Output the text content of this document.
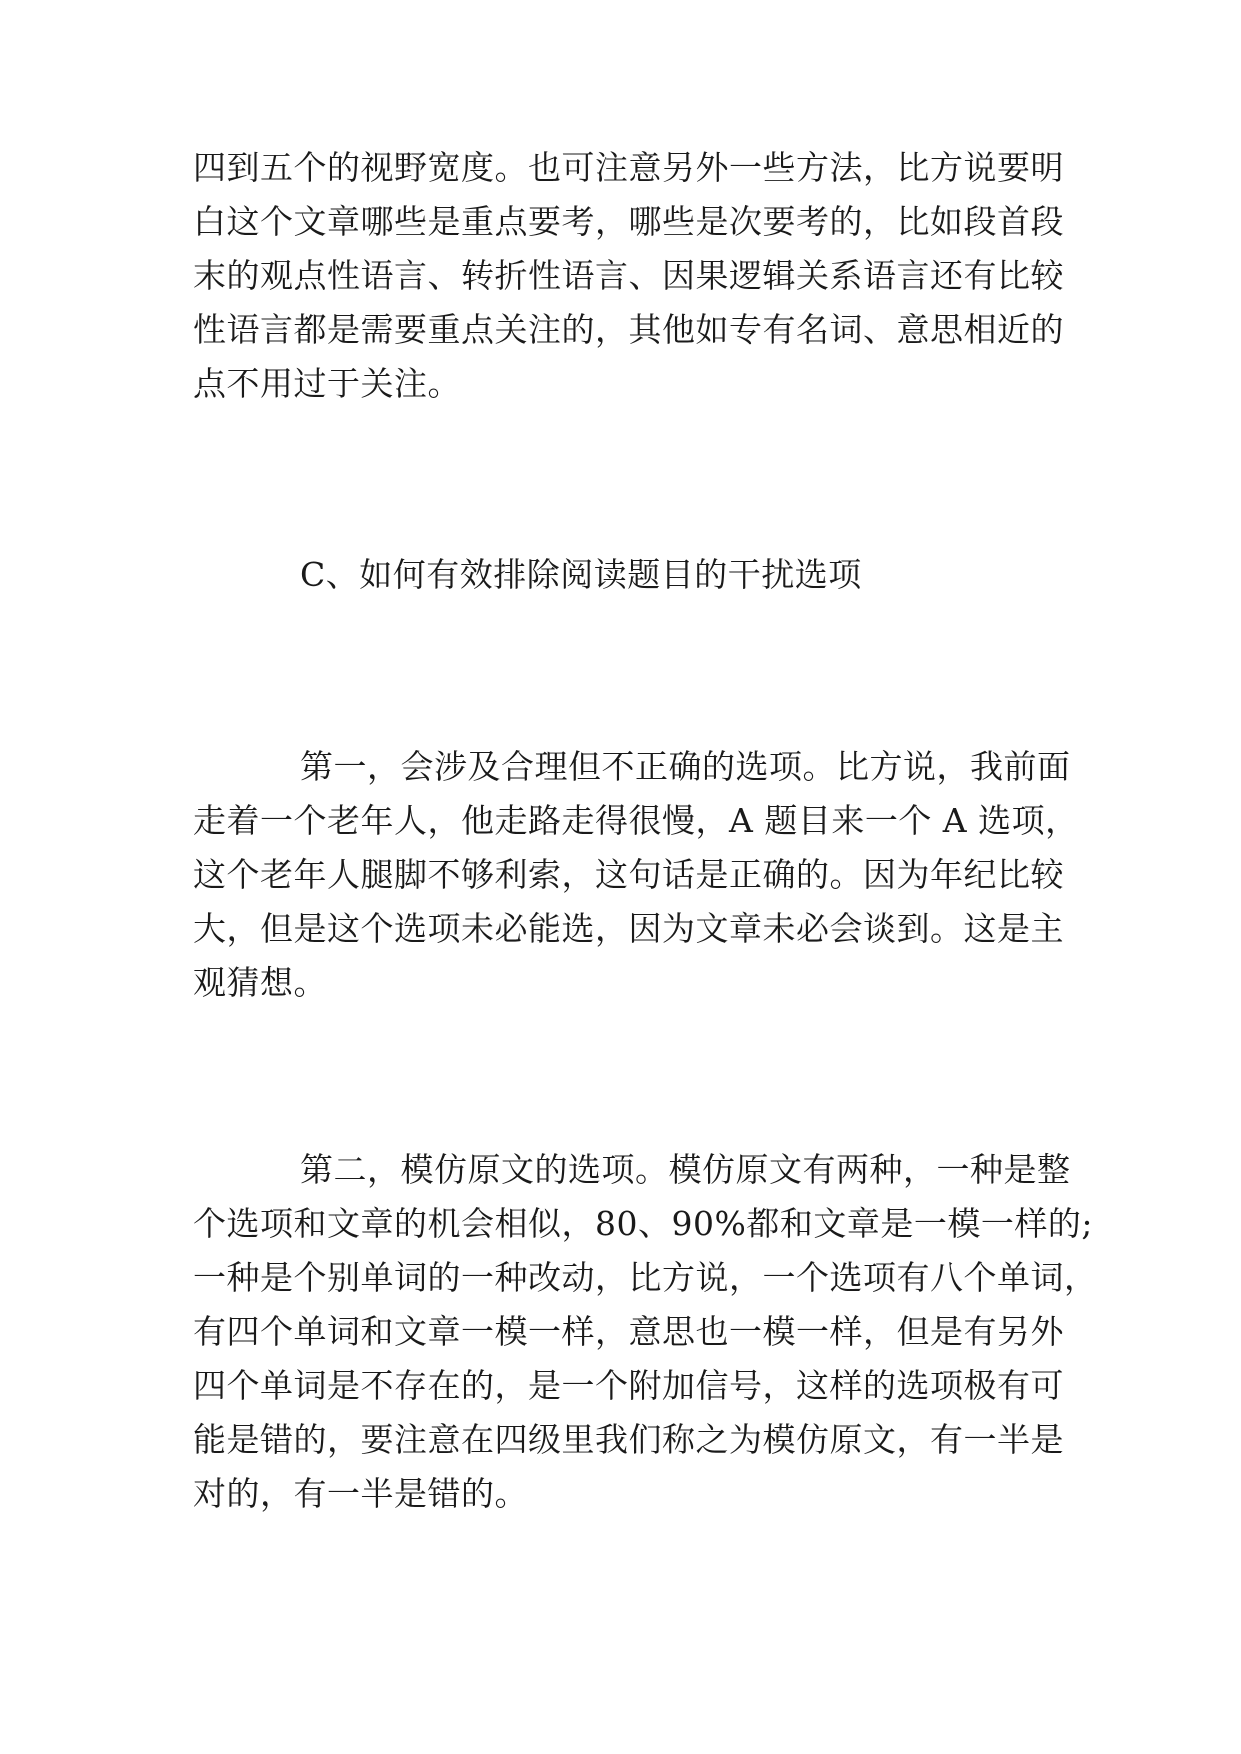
四到五个的视野宽度。也可注意另外一些方法，比方说要明
白这个文章哪些是重点要考，哪些是次要考的，比如段首段
末的观点性语言、转折性语言、因果逻辑关系语言还有比较
性语言都是需要重点关注的，其他如专有名词、意思相近的
点不用过于关注。
C、如何有效排除阅读题目的干扰选项
第一，会涉及合理但不正确的选项。比方说，我前面
走着一个老年人，他走路走得很慢，A 题目来一个 A 选项，
这个老年人腿脚不够利索，这句话是正确的。因为年纪比较
大，但是这个选项未必能选，因为文章未必会谈到。这是主
观猜想。
第二，模仿原文的选项。模仿原文有两种，一种是整
个选项和文章的机会相似，80、90%都和文章是一模一样的;
一种是个别单词的一种改动，比方说，一个选项有八个单词，
有四个单词和文章一模一样，意思也一模一样，但是有另外
四个单词是不存在的，是一个附加信号，这样的选项极有可
能是错的，要注意在四级里我们称之为模仿原文，有一半是
对的，有一半是错的。
